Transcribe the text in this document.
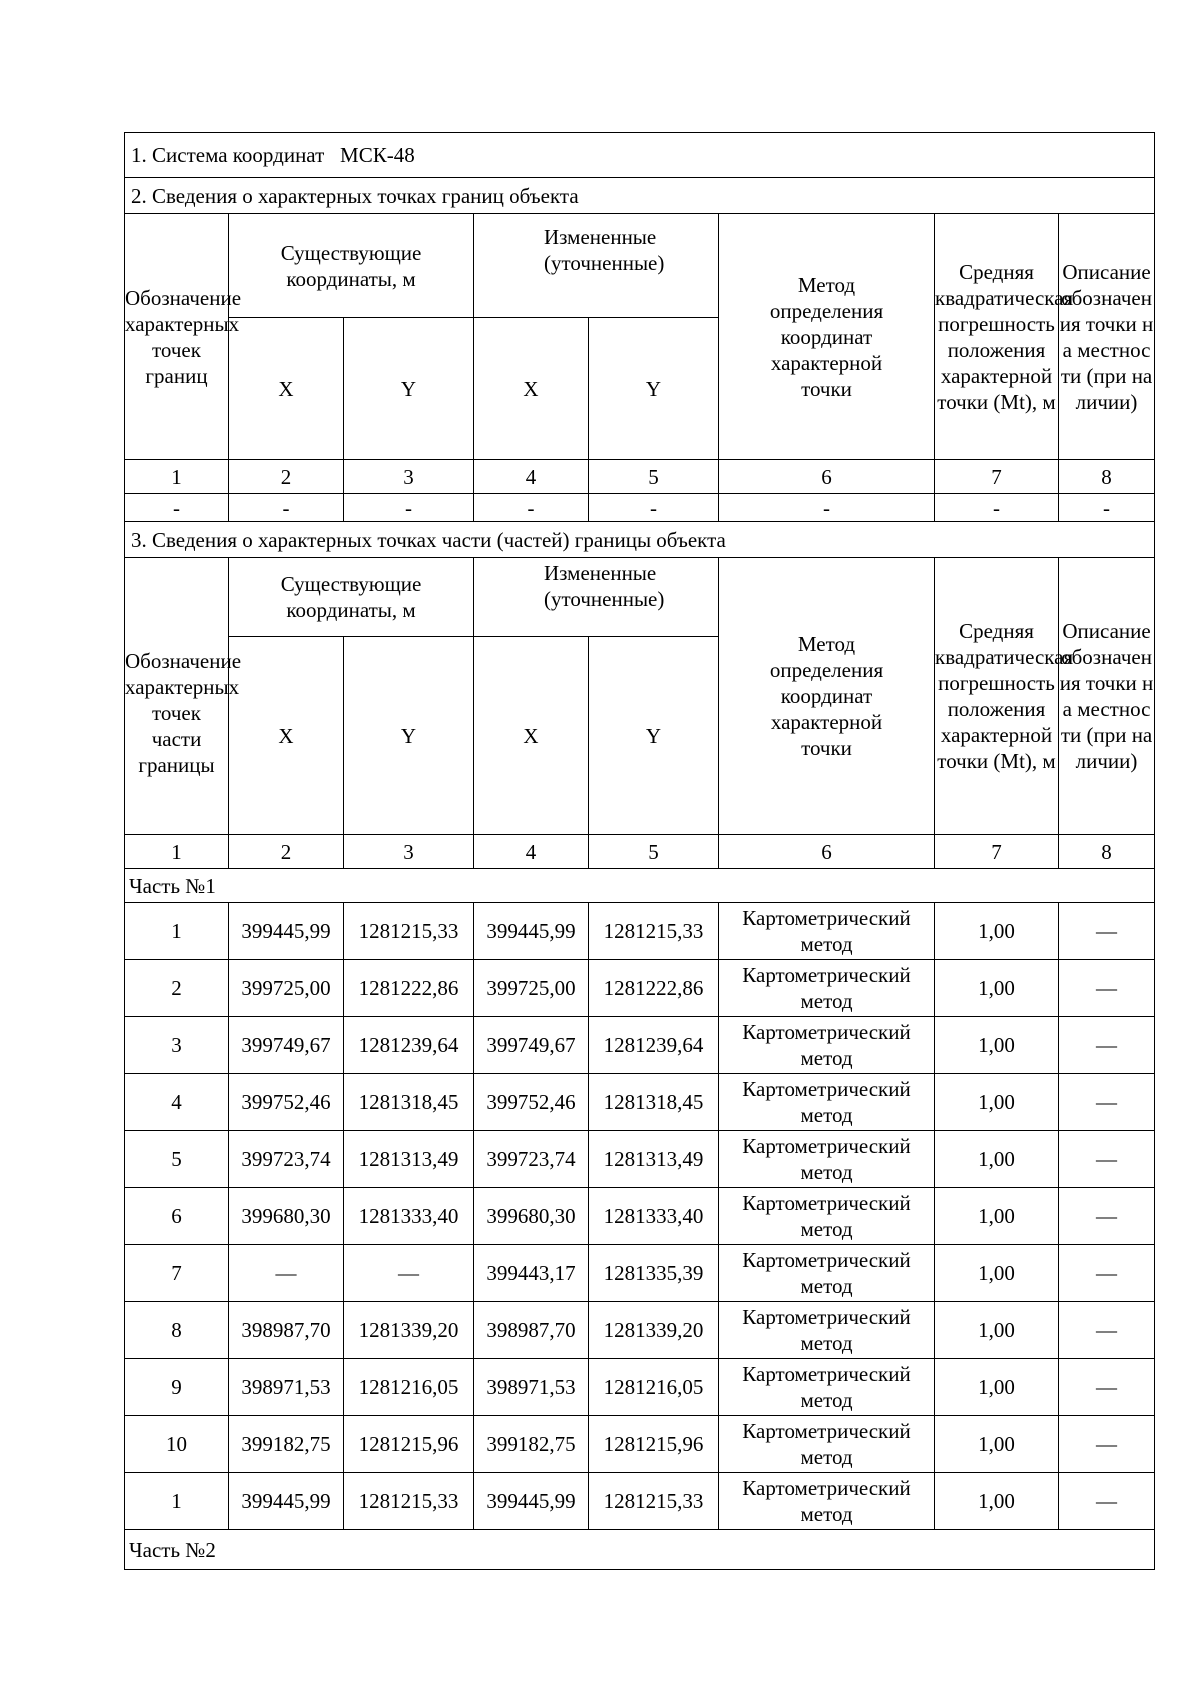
1. Система координат МСК-48							
2. Сведения о характерных точках границ объекта							

Обозначение характерных точек границ	Существующие координаты, м		Измененные (уточненные)		Метод определения координат характерной точки	Средняя квадратическая погрешность положения характерной точки (Mt), м	Описание обозначения точки на местности (при наличии)

	X	Y	X	Y			
1	2	3	4	5	6	7	8
-	-	-	-	-	-	-	-
3. Сведения о характерных точках части (частей) границы объекта							

Обозначение характерных точек части границы	Существующие координаты, м		Измененные (уточненные)		Метод определения координат характерной точки	Средняя квадратическая погрешность положения характерной точки (Mt), м	Описание обозначения точки на местности (при наличии)

	X	Y	X	Y			
1	2	3	4	5	6	7	8
Часть №1							
1	399445,99	1281215,33	399445,99	1281215,33	Картометрический метод	1,00	—
2	399725,00	1281222,86	399725,00	1281222,86	Картометрический метод	1,00	—
3	399749,67	1281239,64	399749,67	1281239,64	Картометрический метод	1,00	—
4	399752,46	1281318,45	399752,46	1281318,45	Картометрический метод	1,00	—
5	399723,74	1281313,49	399723,74	1281313,49	Картометрический метод	1,00	—
6	399680,30	1281333,40	399680,30	1281333,40	Картометрический метод	1,00	—
7	—	—	399443,17	1281335,39	Картометрический метод	1,00	—
8	398987,70	1281339,20	398987,70	1281339,20	Картометрический метод	1,00	—
9	398971,53	1281216,05	398971,53	1281216,05	Картометрический метод	1,00	—
10	399182,75	1281215,96	399182,75	1281215,96	Картометрический метод	1,00	—
1	399445,99	1281215,33	399445,99	1281215,33	Картометрический метод	1,00	—
Часть №2							
